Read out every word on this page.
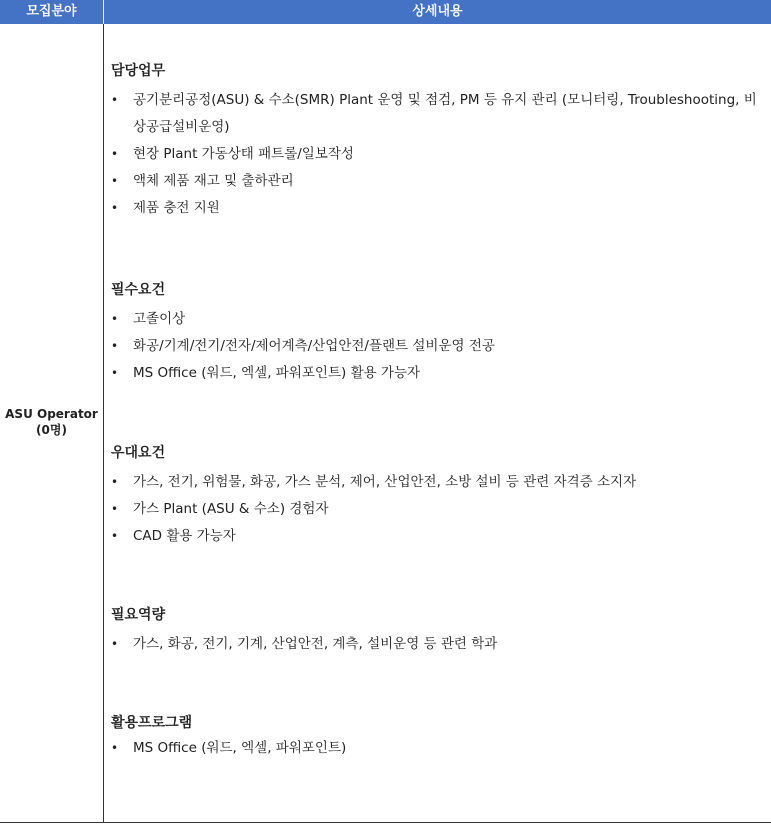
모집분야	상세내용
ASU Operator
(0명)
담당업무
• 공기분리공정(ASU) & 수소(SMR) Plant 운영 및 점검, PM 등 유지 관리 (모니터링, Troubleshooting, 비상공급설비운영)
• 현장 Plant 가동상태 패트롤/일보작성
• 액체 제품 재고 및 출하관리
• 제품 충전 지원
필수요건
• 고졸이상
• 화공/기계/전기/전자/제어계측/산업안전/플랜트 설비운영 전공
• MS Office (워드, 엑셀, 파워포인트) 활용 가능자
우대요건
• 가스, 전기, 위험물, 화공, 가스 분석, 제어, 산업안전, 소방 설비 등 관련 자격증 소지자
• 가스 Plant (ASU & 수소) 경험자
• CAD 활용 가능자
필요역량
• 가스, 화공, 전기, 기계, 산업안전, 계측, 설비운영 등 관련 학과
활용프로그램
• MS Office (워드, 엑셀, 파워포인트)
